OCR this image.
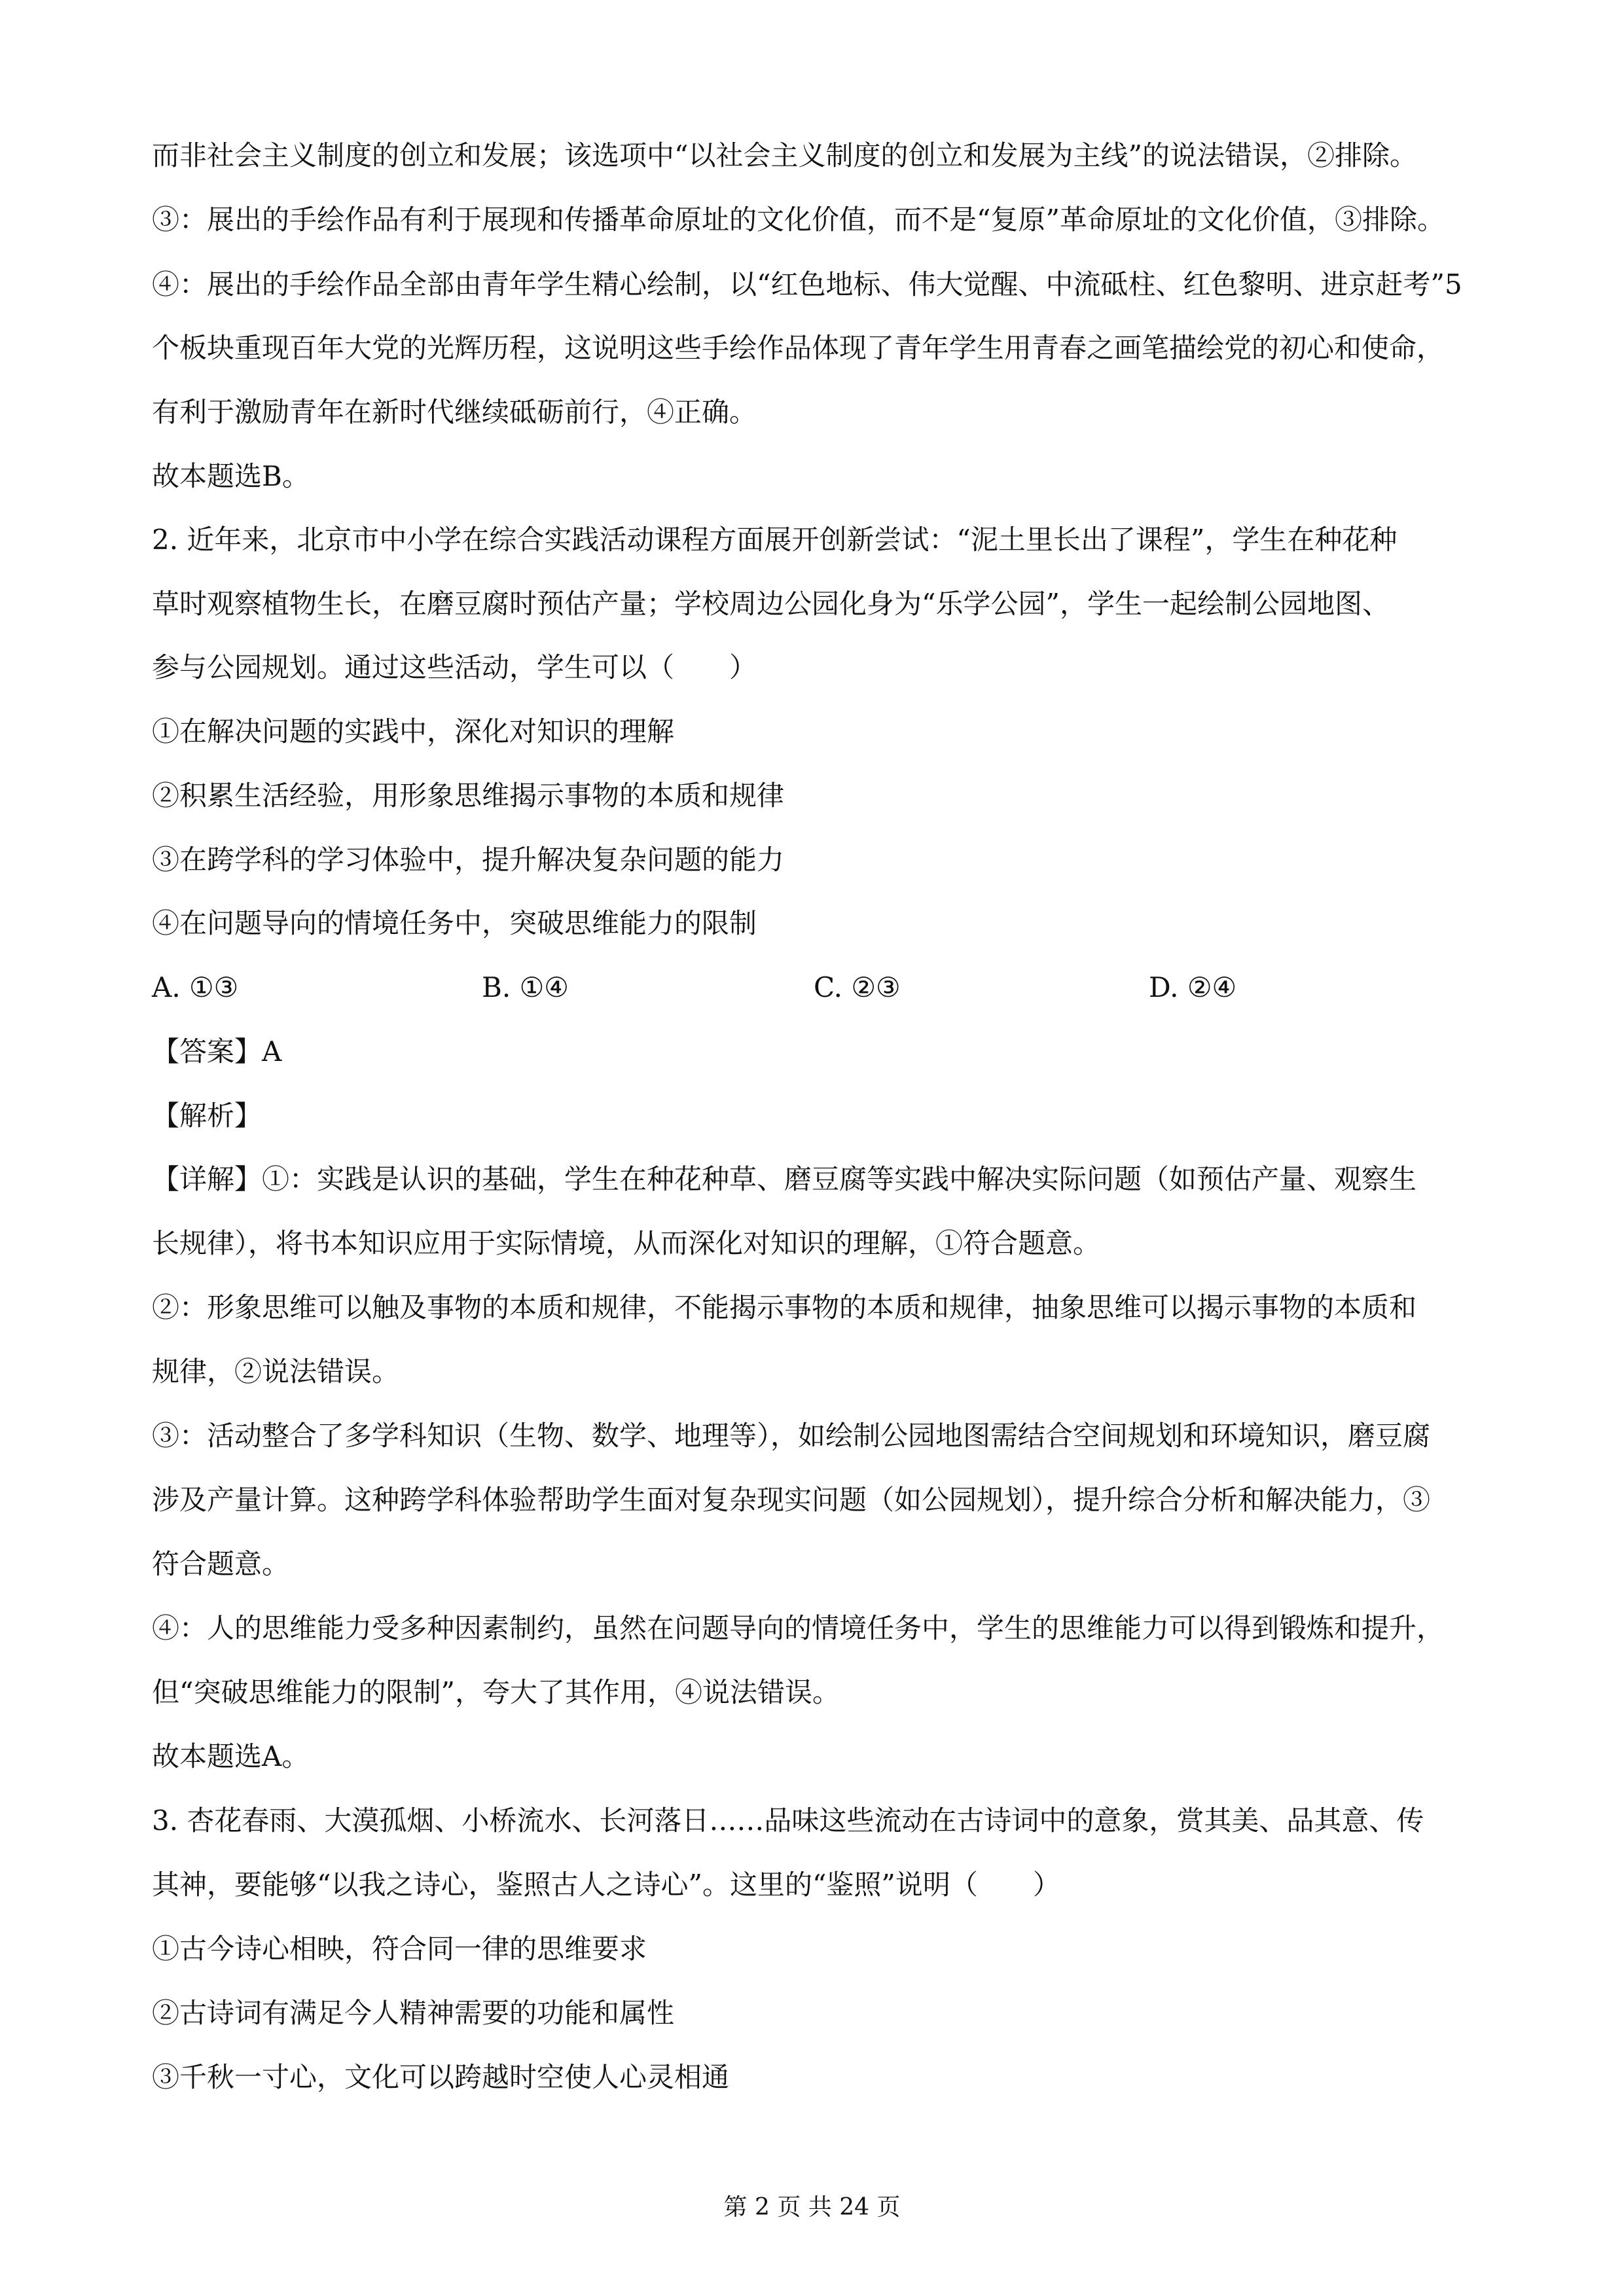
而非社会主义制度的创立和发展；该选项中“以社会主义制度的创立和发展为主线”的说法错误，②排除。
③：展出的手绘作品有利于展现和传播革命原址的文化价值，而不是“复原”革命原址的文化价值，③排除。
④：展出的手绘作品全部由青年学生精心绘制，以“红色地标、伟大觉醒、中流砥柱、红色黎明、进京赶考”5
个板块重现百年大党的光辉历程，这说明这些手绘作品体现了青年学生用青春之画笔描绘党的初心和使命，
有利于激励青年在新时代继续砥砺前行，④正确。
故本题选B。
2. 近年来，北京市中小学在综合实践活动课程方面展开创新尝试：“泥土里长出了课程”，学生在种花种
草时观察植物生长，在磨豆腐时预估产量；学校周边公园化身为“乐学公园”，学生一起绘制公园地图、
参与公园规划。通过这些活动，学生可以（　　）
①在解决问题的实践中，深化对知识的理解
②积累生活经验，用形象思维揭示事物的本质和规律
③在跨学科的学习体验中，提升解决复杂问题的能力
④在问题导向的情境任务中，突破思维能力的限制
A. ①③	B. ①④	C. ②③	D. ②④
【答案】A
【解析】
【详解】①：实践是认识的基础，学生在种花种草、磨豆腐等实践中解决实际问题（如预估产量、观察生
长规律），将书本知识应用于实际情境，从而深化对知识的理解，①符合题意。
②：形象思维可以触及事物的本质和规律，不能揭示事物的本质和规律，抽象思维可以揭示事物的本质和
规律，②说法错误。
③：活动整合了多学科知识（生物、数学、地理等），如绘制公园地图需结合空间规划和环境知识，磨豆腐
涉及产量计算。这种跨学科体验帮助学生面对复杂现实问题（如公园规划），提升综合分析和解决能力，③
符合题意。
④：人的思维能力受多种因素制约，虽然在问题导向的情境任务中，学生的思维能力可以得到锻炼和提升，
但“突破思维能力的限制”，夸大了其作用，④说法错误。
故本题选A。
3. 杏花春雨、大漠孤烟、小桥流水、长河落日……品味这些流动在古诗词中的意象，赏其美、品其意、传
其神，要能够“以我之诗心，鉴照古人之诗心”。这里的“鉴照”说明（　　）
①古今诗心相映，符合同一律的思维要求
②古诗词有满足今人精神需要的功能和属性
③千秋一寸心，文化可以跨越时空使人心灵相通
第 2 页 共 24 页
